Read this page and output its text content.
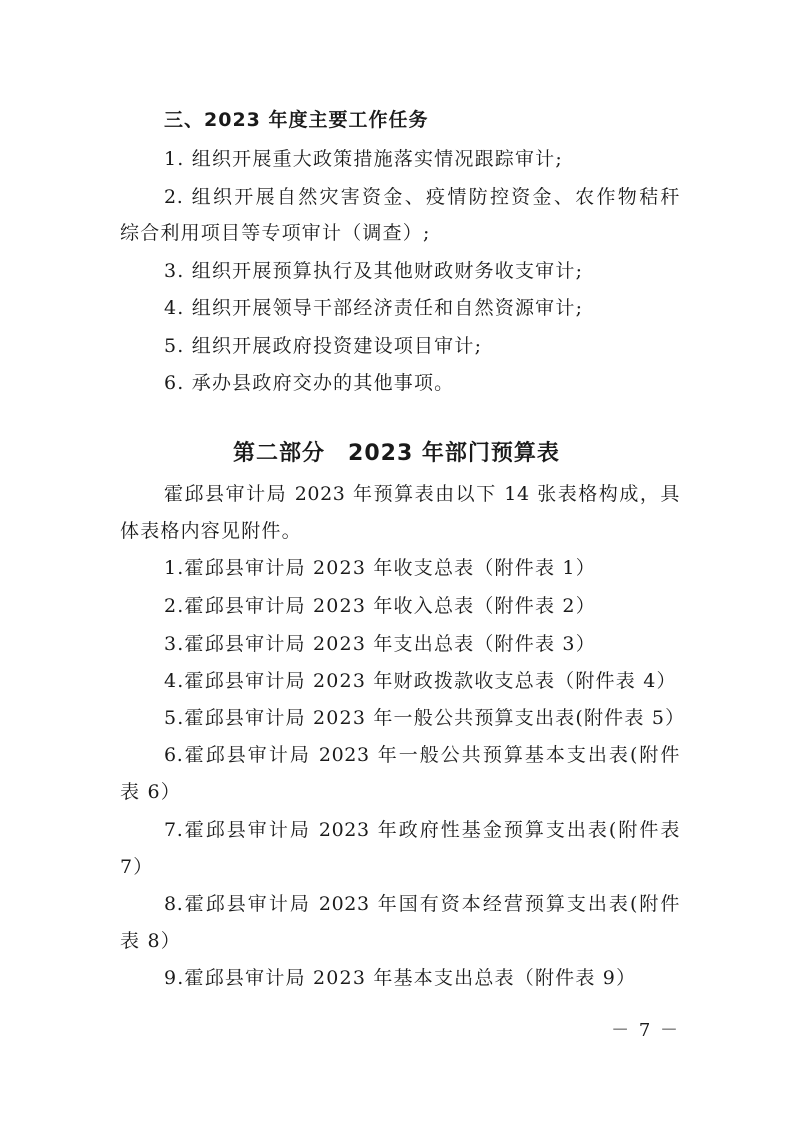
三、2023 年度主要工作任务
1. 组织开展重大政策措施落实情况跟踪审计;
2. 组织开展自然灾害资金、疫情防控资金、农作物秸秆
综合利用项目等专项审计（调查）;
3. 组织开展预算执行及其他财政财务收支审计;
4. 组织开展领导干部经济责任和自然资源审计;
5. 组织开展政府投资建设项目审计;
6. 承办县政府交办的其他事项。
第二部分　2023 年部门预算表
霍邱县审计局 2023 年预算表由以下 14 张表格构成，具
体表格内容见附件。
1.霍邱县审计局 2023 年收支总表（附件表 1）
2.霍邱县审计局 2023 年收入总表（附件表 2）
3.霍邱县审计局 2023 年支出总表（附件表 3）
4.霍邱县审计局 2023 年财政拨款收支总表（附件表 4）
5.霍邱县审计局 2023 年一般公共预算支出表(附件表 5）
6.霍邱县审计局 2023 年一般公共预算基本支出表(附件
表 6）
7.霍邱县审计局 2023 年政府性基金预算支出表(附件表
7）
8.霍邱县审计局 2023 年国有资本经营预算支出表(附件
表 8）
9.霍邱县审计局 2023 年基本支出总表（附件表 9）
－ 7 －
